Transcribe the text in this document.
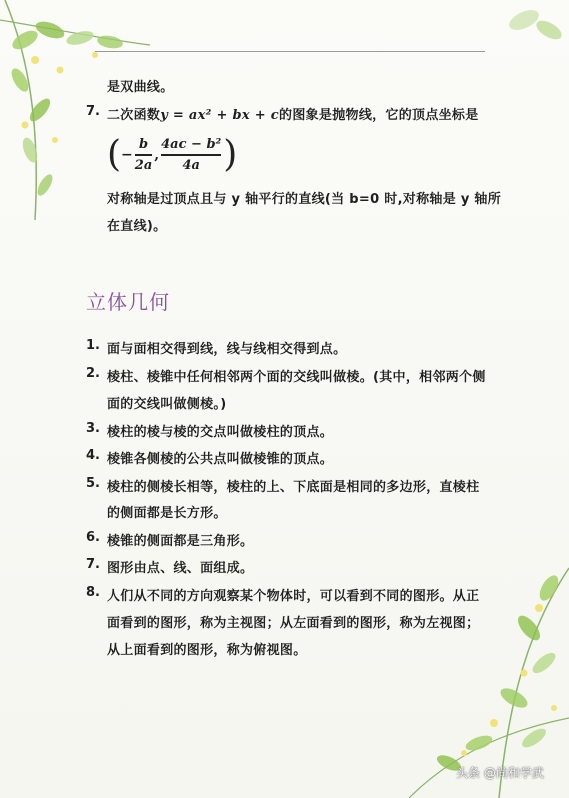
是双曲线。
7. 二次函数y = ax² + bx + c的图象是抛物线，它的顶点坐标是
( − $\frac{b}{2a}$ , $\frac{\text{4ac − b²}}{4a}$ )
对称轴是过顶点且与 y 轴平行的直线(当 b=0 时,对称轴是 y 轴所
在直线)。
立体几何
1. 面与面相交得到线，线与线相交得到点。
2. 棱柱、棱锥中任何相邻两个面的交线叫做棱。(其中，相邻两个侧
面的交线叫做侧棱。)
3. 棱柱的棱与棱的交点叫做棱柱的顶点。
4. 棱锥各侧棱的公共点叫做棱锥的顶点。
5. 棱柱的侧棱长相等，棱柱的上、下底面是相同的多边形，直棱柱
的侧面都是长方形。
6. 棱锥的侧面都是三角形。
7. 图形由点、线、面组成。
8. 人们从不同的方向观察某个物体时，可以看到不同的图形。从正
面看到的图形，称为主视图；从左面看到的图形，称为左视图；
从上面看到的图形，称为俯视图。
头条 @尚和学武
